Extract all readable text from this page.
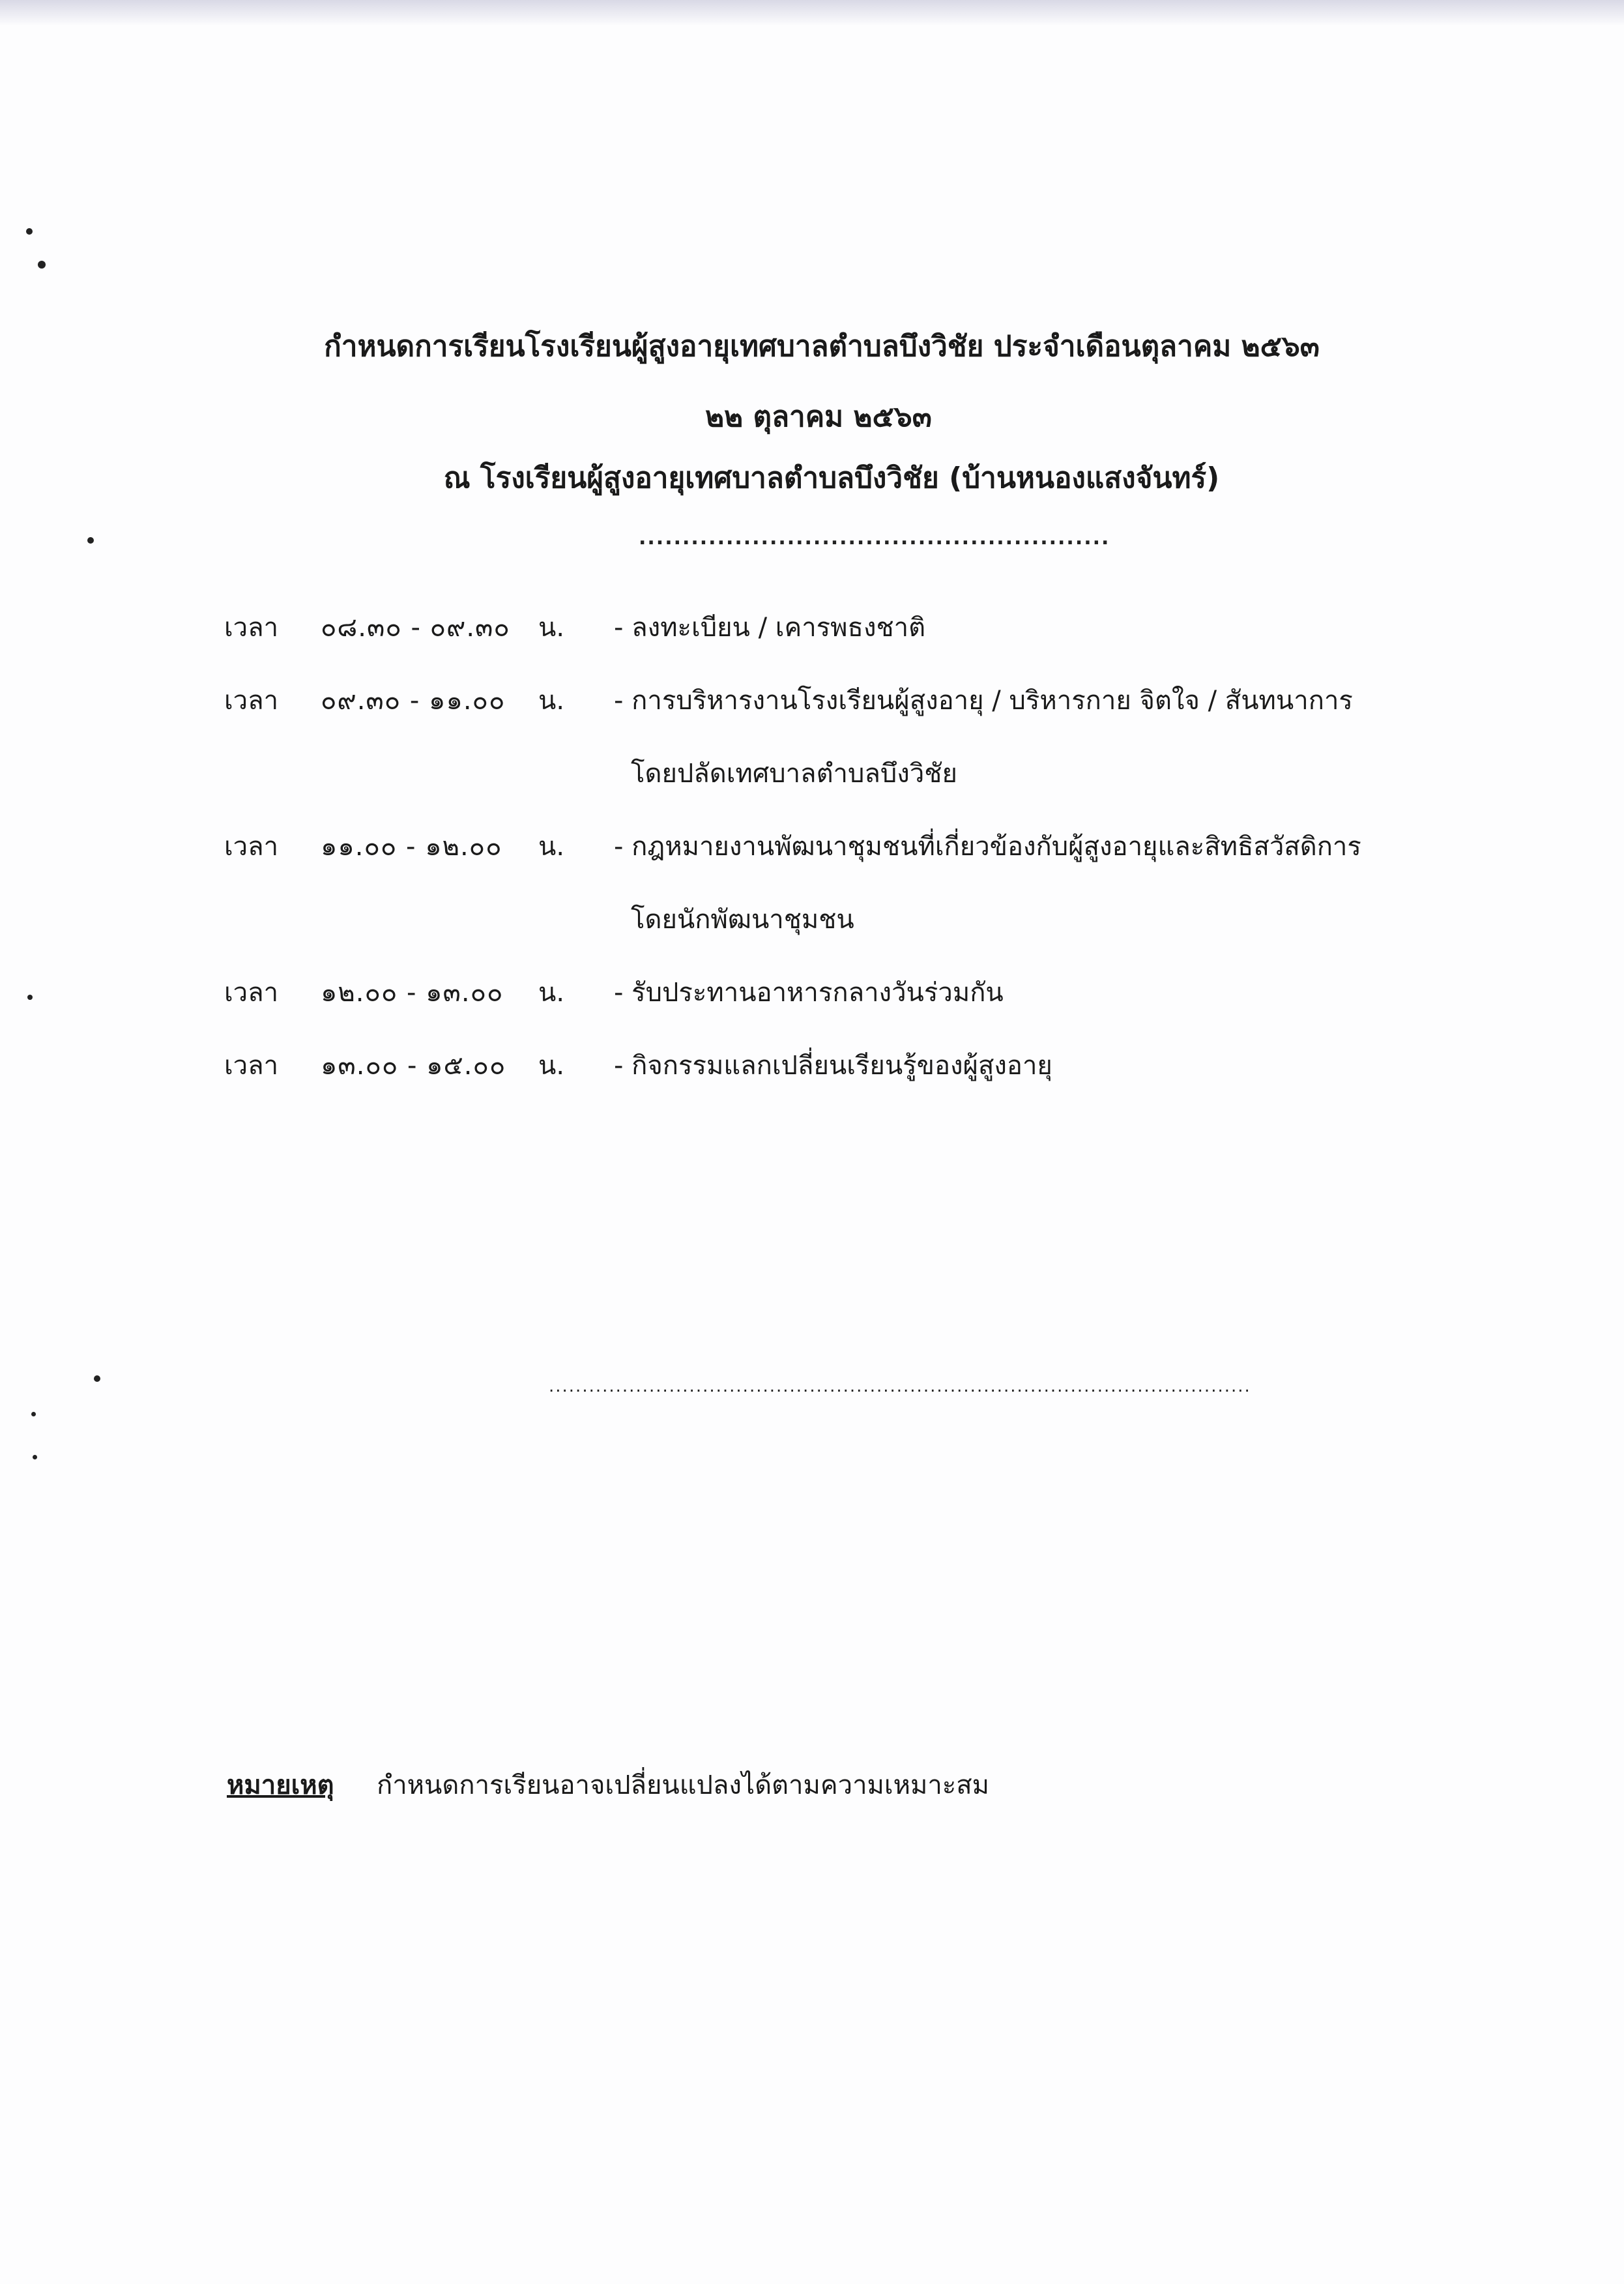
กำหนดการเรียนโรงเรียนผู้สูงอายุเทศบาลตำบลบึงวิชัย ประจำเดือนตุลาคม ๒๕๖๓
๒๒ ตุลาคม ๒๕๖๓
ณ โรงเรียนผู้สูงอายุเทศบาลตำบลบึงวิชัย (บ้านหนองแสงจันทร์)
......................................................
เวลา ๐๘.๓๐ - ๐๙.๓๐ น. - ลงทะเบียน / เคารพธงชาติ
เวลา ๐๙.๓๐ - ๑๑.๐๐ น. - การบริหารงานโรงเรียนผู้สูงอายุ / บริหารกาย จิตใจ / สันทนาการ
โดยปลัดเทศบาลตำบลบึงวิชัย
เวลา ๑๑.๐๐ - ๑๒.๐๐ น. - กฎหมายงานพัฒนาชุมชนที่เกี่ยวข้องกับผู้สูงอายุและสิทธิสวัสดิการ
โดยนักพัฒนาชุมชน
เวลา ๑๒.๐๐ - ๑๓.๐๐ น. - รับประทานอาหารกลางวันร่วมกัน
เวลา ๑๓.๐๐ - ๑๕.๐๐ น. - กิจกรรมแลกเปลี่ยนเรียนรู้ของผู้สูงอายุ
.........................................................................................................
หมายเหตุ กำหนดการเรียนอาจเปลี่ยนแปลงได้ตามความเหมาะสม
